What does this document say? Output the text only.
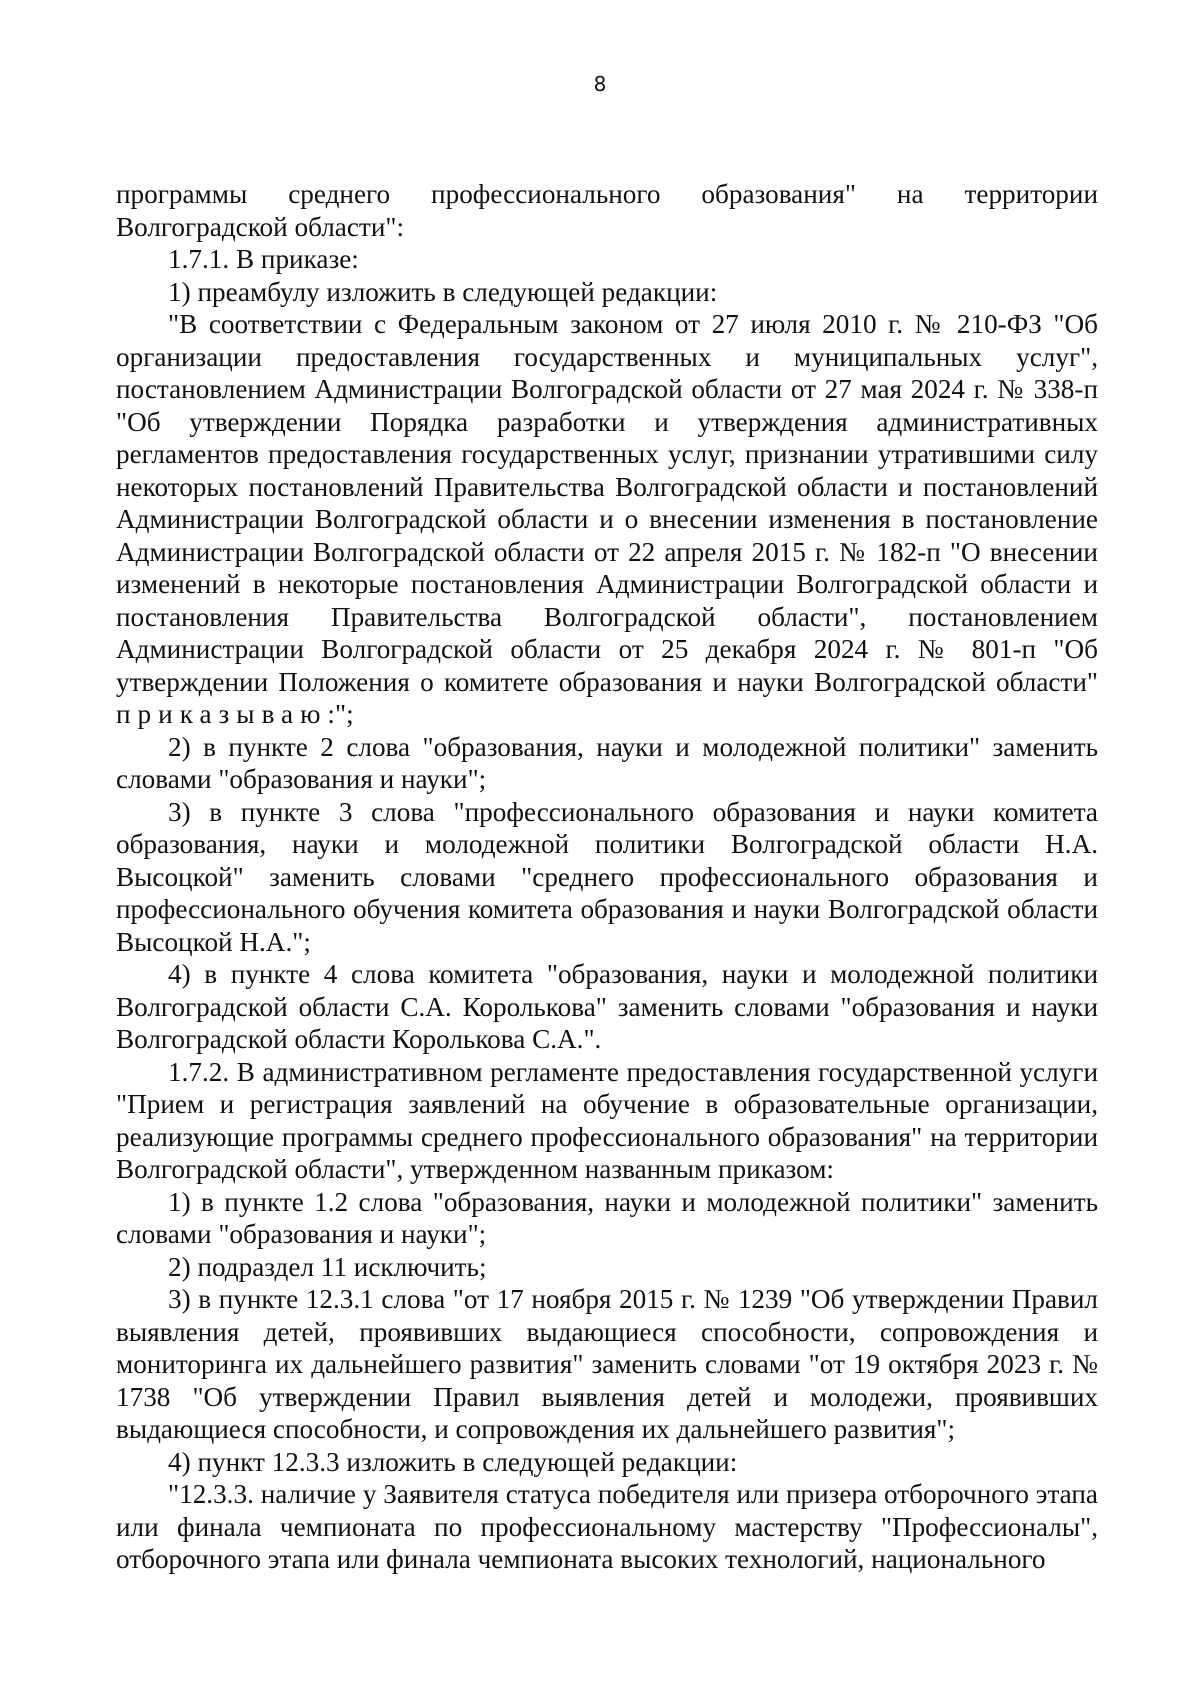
8

программы среднего профессионального образования" на территории Волгоградской области":

1.7.1. В приказе:

1) преамбулу изложить в следующей редакции:

"В соответствии с Федеральным законом от 27 июля 2010 г. № 210-ФЗ "Об организации предоставления государственных и муниципальных услуг", постановлением Администрации Волгоградской области от 27 мая 2024 г. № 338-п "Об утверждении Порядка разработки и утверждения административных регламентов предоставления государственных услуг, признании утратившими силу некоторых постановлений Правительства Волгоградской области и постановлений Администрации Волгоградской области и о внесении изменения в постановление Администрации Волгоградской области от 22 апреля 2015 г. № 182-п "О внесении изменений в некоторые постановления Администрации Волгоградской области и постановления Правительства Волгоградской области", постановлением Администрации Волгоградской области от 25 декабря 2024 г. № 801-п "Об утверждении Положения о комитете образования и науки Волгоградской области" приказываю:";

2) в пункте 2 слова "образования, науки и молодежной политики" заменить словами "образования и науки";

3) в пункте 3 слова "профессионального образования и науки комитета образования, науки и молодежной политики Волгоградской области Н.А. Высоцкой" заменить словами "среднего профессионального образования и профессионального обучения комитета образования и науки Волгоградской области Высоцкой Н.А.";

4) в пункте 4 слова комитета "образования, науки и молодежной политики Волгоградской области С.А. Королькова" заменить словами "образования и науки Волгоградской области Королькова С.А.".

1.7.2. В административном регламенте предоставления государственной услуги "Прием и регистрация заявлений на обучение в образовательные организации, реализующие программы среднего профессионального образования" на территории Волгоградской области", утвержденном названным приказом:

1) в пункте 1.2 слова "образования, науки и молодежной политики" заменить словами "образования и науки";

2) подраздел 11 исключить;

3) в пункте 12.3.1 слова "от 17 ноября 2015 г. № 1239 "Об утверждении Правил выявления детей, проявивших выдающиеся способности, сопровождения и мониторинга их дальнейшего развития" заменить словами "от 19 октября 2023 г. № 1738 "Об утверждении Правил выявления детей и молодежи, проявивших выдающиеся способности, и сопровождения их дальнейшего развития";

4) пункт 12.3.3 изложить в следующей редакции:

"12.3.3. наличие у Заявителя статуса победителя или призера отборочного этапа или финала чемпионата по профессиональному мастерству "Профессионалы", отборочного этапа или финала чемпионата высоких технологий, национального
